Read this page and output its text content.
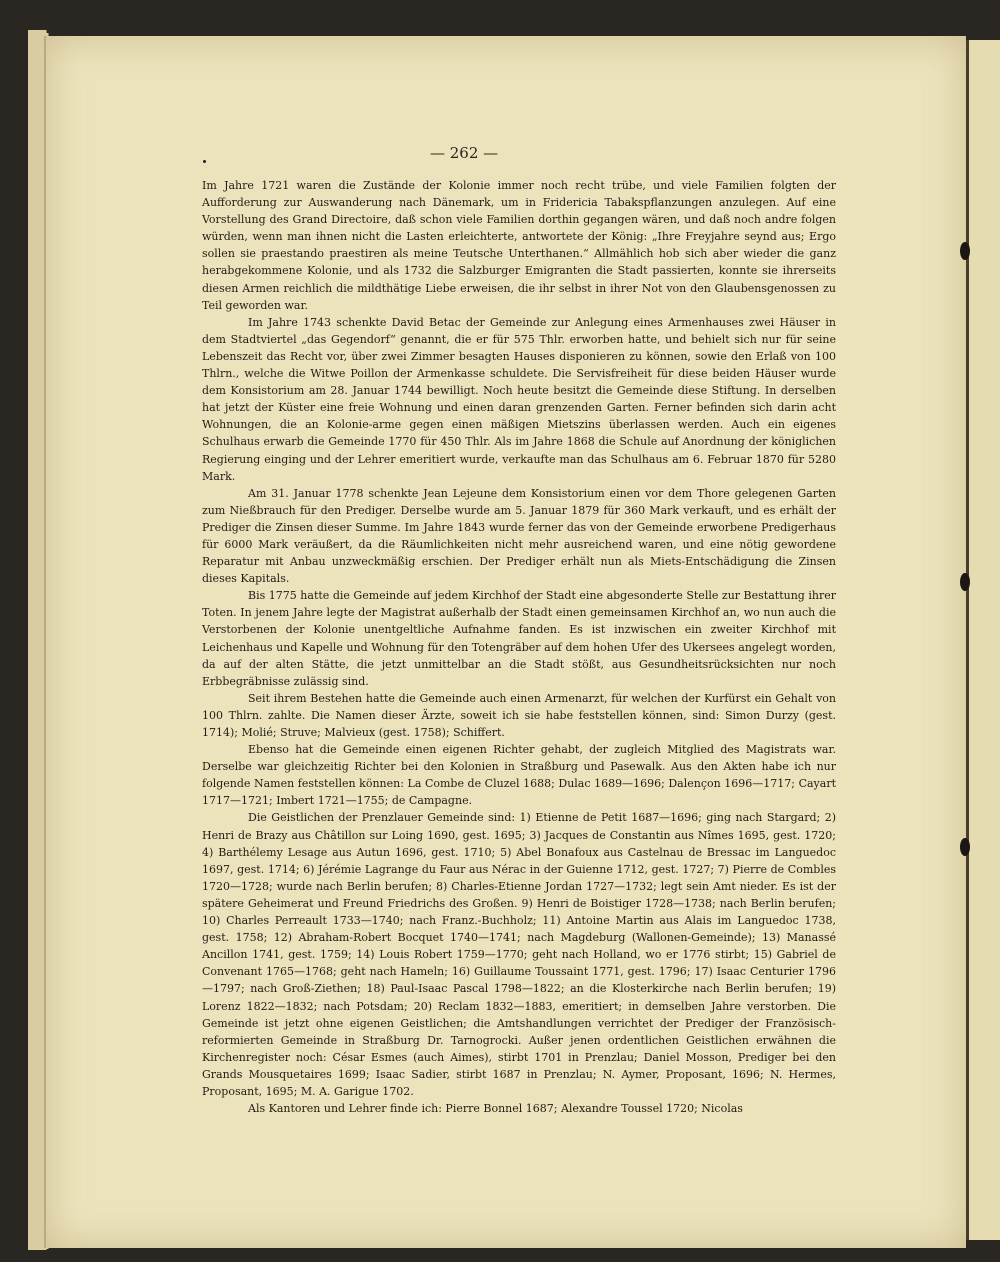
— 262 —

Im Jahre 1721 waren die Zustände der Kolonie immer noch recht trübe, und viele Familien folgten der Aufforderung zur Auswanderung nach Dänemark, um in Fridericia Tabakspflanzungen anzulegen. Auf eine Vorstellung des Grand Directoire, daß schon viele Familien dorthin gegangen wären, und daß noch andre folgen würden, wenn man ihnen nicht die Lasten erleichterte, antwortete der König: „Ihre Freyjahre seynd aus; Ergo sollen sie praestando praestiren als meine Teutsche Unterthanen.“ Allmählich hob sich aber wieder die ganz herabgekommene Kolonie, und als 1732 die Salzburger Emigranten die Stadt passierten, konnte sie ihrerseits diesen Armen reichlich die mildthätige Liebe erweisen, die ihr selbst in ihrer Not von den Glaubensgenossen zu Teil geworden war.

Im Jahre 1743 schenkte David Betac der Gemeinde zur Anlegung eines Armenhauses zwei Häuser in dem Stadtviertel „das Gegendorf“ genannt, die er für 575 Thlr. erworben hatte, und behielt sich nur für seine Lebenszeit das Recht vor, über zwei Zimmer besagten Hauses disponieren zu können, sowie den Erlaß von 100 Thlrn., welche die Witwe Poillon der Armenkasse schuldete. Die Servisfreiheit für diese beiden Häuser wurde dem Konsistorium am 28. Januar 1744 bewilligt. Noch heute besitzt die Gemeinde diese Stiftung. In derselben hat jetzt der Küster eine freie Wohnung und einen daran grenzenden Garten. Ferner befinden sich darin acht Wohnungen, die an Kolonie-arme gegen einen mäßigen Mietszins überlassen werden. Auch ein eigenes Schulhaus erwarb die Gemeinde 1770 für 450 Thlr. Als im Jahre 1868 die Schule auf Anordnung der königlichen Regierung einging und der Lehrer emeritiert wurde, verkaufte man das Schulhaus am 6. Februar 1870 für 5280 Mark.

Am 31. Januar 1778 schenkte Jean Lejeune dem Konsistorium einen vor dem Thore gelegenen Garten zum Nießbrauch für den Prediger. Derselbe wurde am 5. Januar 1879 für 360 Mark verkauft, und es erhält der Prediger die Zinsen dieser Summe. Im Jahre 1843 wurde ferner das von der Gemeinde erworbene Predigerhaus für 6000 Mark veräußert, da die Räumlichkeiten nicht mehr ausreichend waren, und eine nötig gewordene Reparatur mit Anbau unzweckmäßig erschien. Der Prediger erhält nun als Miets-Entschädigung die Zinsen dieses Kapitals.

Bis 1775 hatte die Gemeinde auf jedem Kirchhof der Stadt eine abgesonderte Stelle zur Bestattung ihrer Toten. In jenem Jahre legte der Magistrat außerhalb der Stadt einen gemeinsamen Kirchhof an, wo nun auch die Verstorbenen der Kolonie unentgeltliche Aufnahme fanden. Es ist inzwischen ein zweiter Kirchhof mit Leichenhaus und Kapelle und Wohnung für den Totengräber auf dem hohen Ufer des Ukersees angelegt worden, da auf der alten Stätte, die jetzt unmittelbar an die Stadt stößt, aus Gesundheitsrücksichten nur noch Erbbegräbnisse zulässig sind.

Seit ihrem Bestehen hatte die Gemeinde auch einen Armenarzt, für welchen der Kurfürst ein Gehalt von 100 Thlrn. zahlte. Die Namen dieser Ärzte, soweit ich sie habe feststellen können, sind: Simon Durzy (gest. 1714); Molié; Struve; Malvieux (gest. 1758); Schiffert.

Ebenso hat die Gemeinde einen eigenen Richter gehabt, der zugleich Mitglied des Magistrats war. Derselbe war gleichzeitig Richter bei den Kolonien in Straßburg und Pasewalk. Aus den Akten habe ich nur folgende Namen feststellen können: La Combe de Cluzel 1688; Dulac 1689—1696; Dalençon 1696—1717; Cayart 1717—1721; Imbert 1721—1755; de Campagne.

Die Geistlichen der Prenzlauer Gemeinde sind: 1) Etienne de Petit 1687—1696; ging nach Stargard; 2) Henri de Brazy aus Châtillon sur Loing 1690, gest. 1695; 3) Jacques de Constantin aus Nîmes 1695, gest. 1720; 4) Barthélemy Lesage aus Autun 1696, gest. 1710; 5) Abel Bonafoux aus Castelnau de Bressac im Languedoc 1697, gest. 1714; 6) Jérémie Lagrange du Faur aus Nérac in der Guienne 1712, gest. 1727; 7) Pierre de Combles 1720—1728; wurde nach Berlin berufen; 8) Charles-Etienne Jordan 1727—1732; legt sein Amt nieder. Es ist der spätere Geheimerat und Freund Friedrichs des Großen. 9) Henri de Boistiger 1728—1738; nach Berlin berufen; 10) Charles Perreault 1733—1740; nach Franz.-Buchholz; 11) Antoine Martin aus Alais im Languedoc 1738, gest. 1758; 12) Abraham-Robert Bocquet 1740—1741; nach Magdeburg (Wallonen-Gemeinde); 13) Manassé Ancillon 1741, gest. 1759; 14) Louis Robert 1759—1770; geht nach Holland, wo er 1776 stirbt; 15) Gabriel de Convenant 1765—1768; geht nach Hameln; 16) Guillaume Toussaint 1771, gest. 1796; 17) Isaac Centurier 1796—1797; nach Groß-Ziethen; 18) Paul-Isaac Pascal 1798—1822; an die Klosterkirche nach Berlin berufen; 19) Lorenz 1822—1832; nach Potsdam; 20) Reclam 1832—1883, emeritiert; in demselben Jahre verstorben. Die Gemeinde ist jetzt ohne eigenen Geistlichen; die Amtshandlungen verrichtet der Prediger der Französisch-reformierten Gemeinde in Straßburg Dr. Tarnogrocki. Außer jenen ordentlichen Geistlichen erwähnen die Kirchenregister noch: César Esmes (auch Aimes), stirbt 1701 in Prenzlau; Daniel Mosson, Prediger bei den Grands Mousquetaires 1699; Isaac Sadier, stirbt 1687 in Prenzlau; N. Aymer, Proposant, 1696; N. Hermes, Proposant, 1695; M. A. Garigue 1702.

Als Kantoren und Lehrer finde ich: Pierre Bonnel 1687; Alexandre Toussel 1720; Nicolas
